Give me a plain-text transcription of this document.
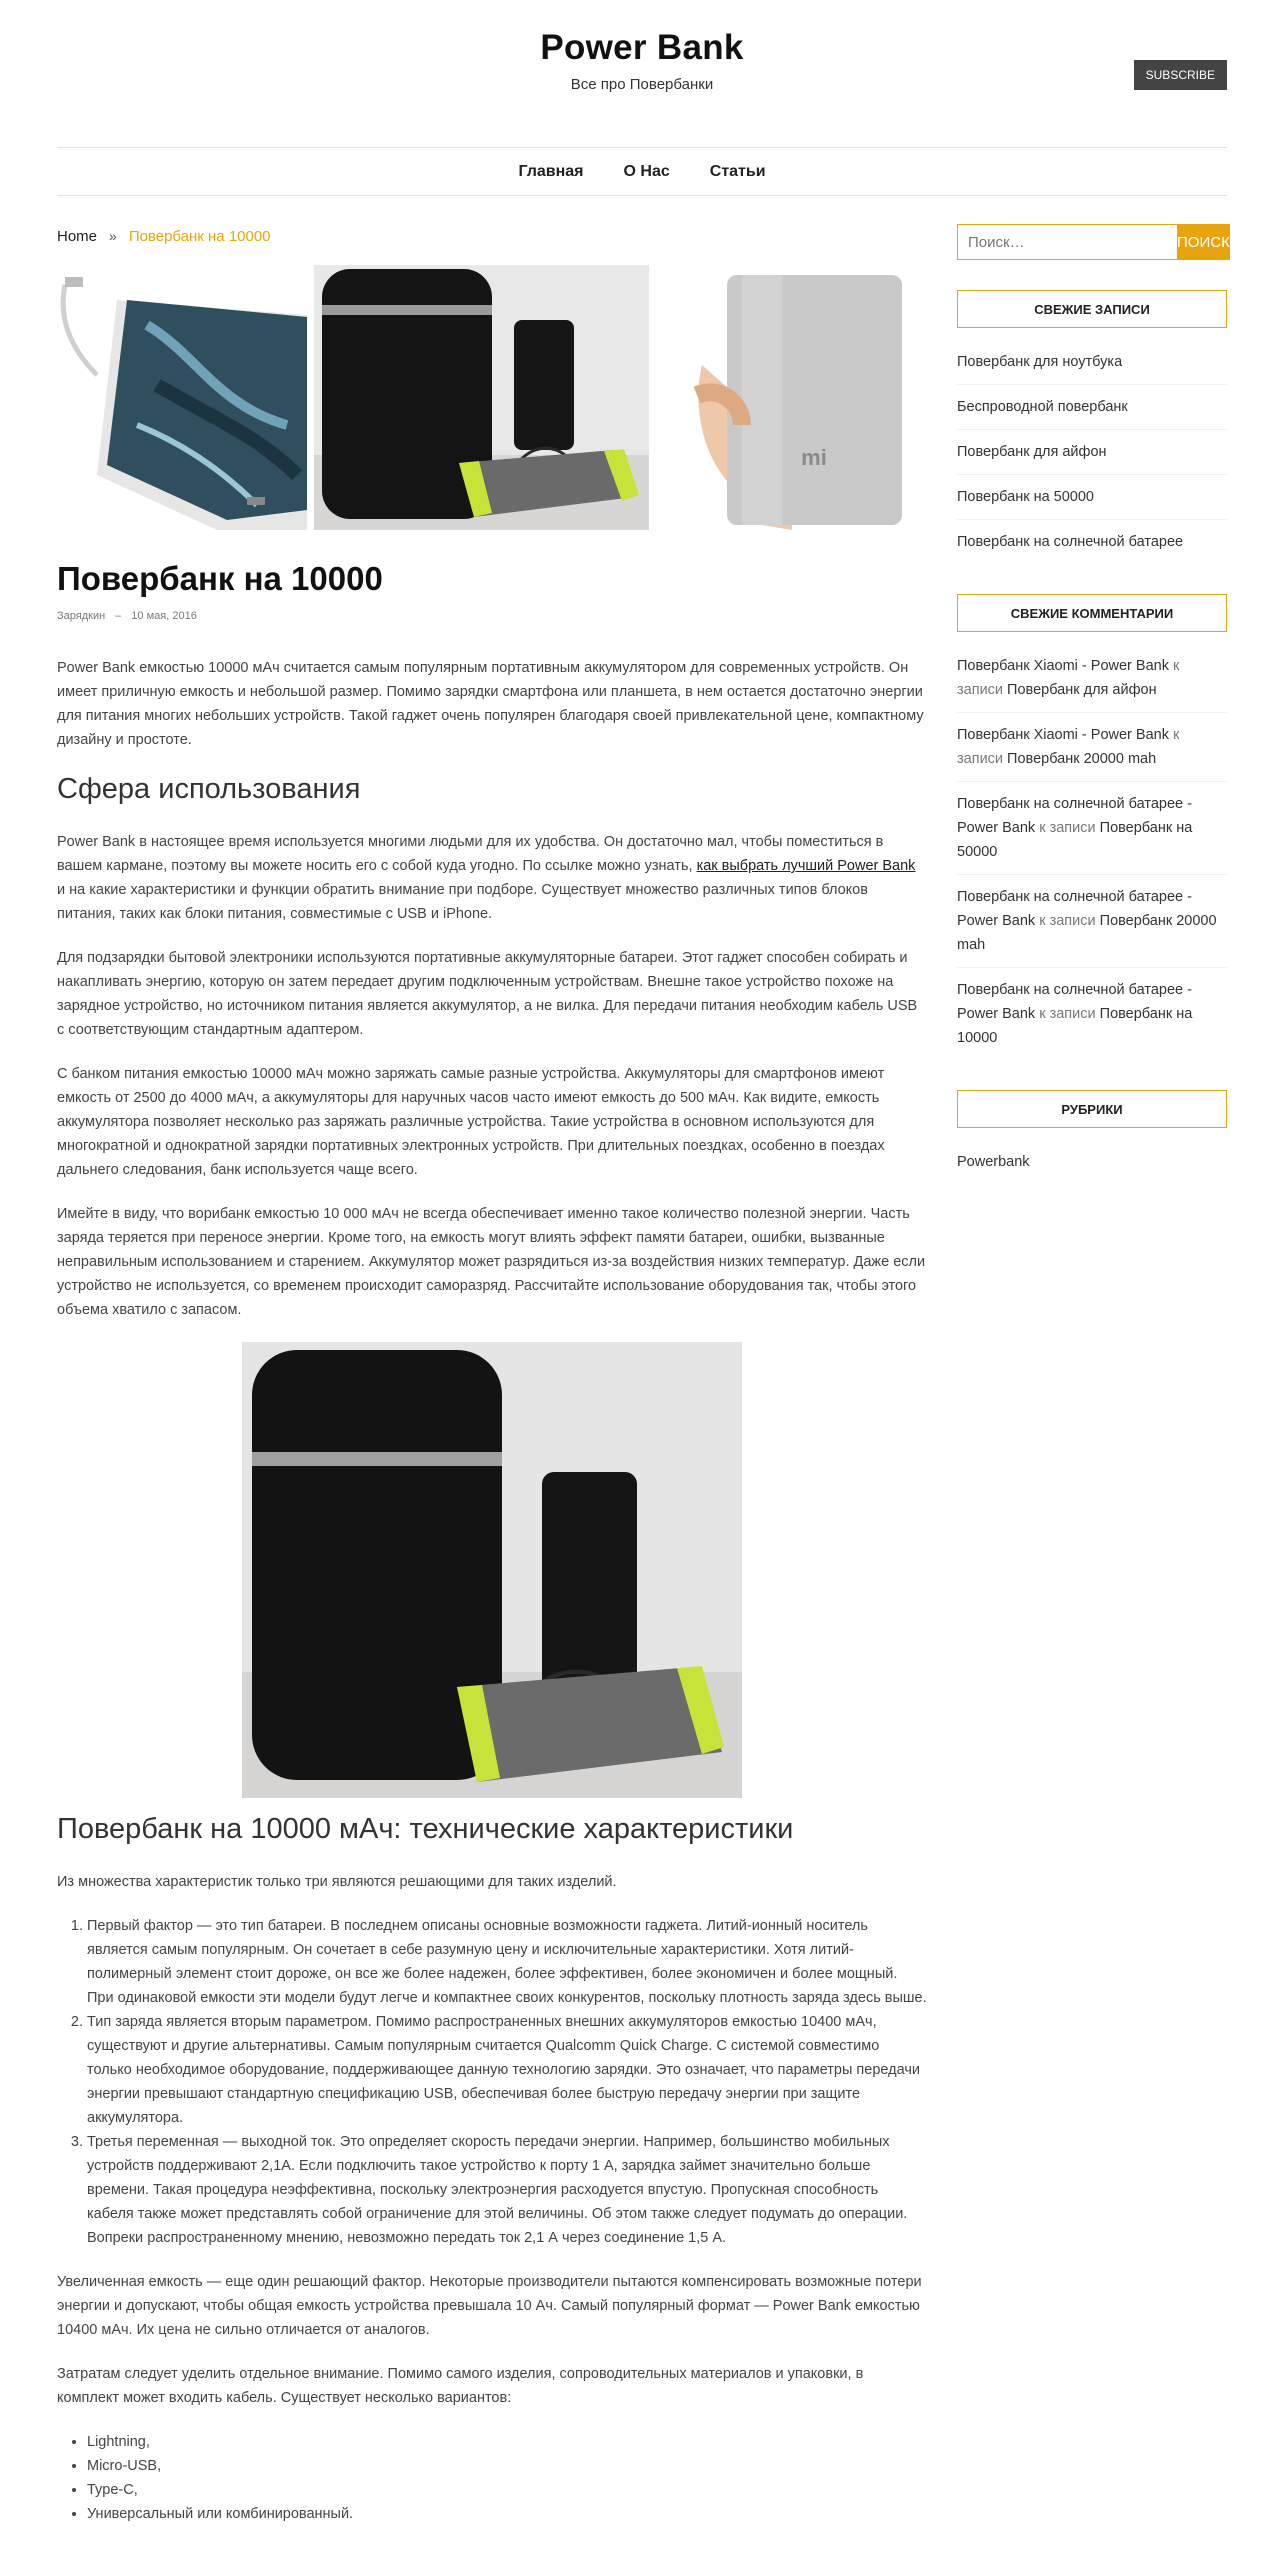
Power Bank
Все про Повербанки
SUBSCRIBE
Главная	О Нас	Статьи
Home » Повербанк на 10000
mi
Повербанк на 10000
Зарядкин – 10 мая, 2016

Power Bank емкостью 10000 мАч считается самым популярным портативным аккумулятором для современных устройств. Он имеет приличную емкость и небольшой размер. Помимо зарядки смартфона или планшета, в нем остается достаточно энергии для питания многих небольших устройств. Такой гаджет очень популярен благодаря своей привлекательной цене, компактному дизайну и простоте.

Сфера использования

Power Bank в настоящее время используется многими людьми для их удобства. Он достаточно мал, чтобы поместиться в вашем кармане, поэтому вы можете носить его с собой куда угодно. По ссылке можно узнать, как выбрать лучший Power Bank и на какие характеристики и функции обратить внимание при подборе. Существует множество различных типов блоков питания, таких как блоки питания, совместимые с USB и iPhone.

Для подзарядки бытовой электроники используются портативные аккумуляторные батареи. Этот гаджет способен собирать и накапливать энергию, которую он затем передает другим подключенным устройствам. Внешне такое устройство похоже на зарядное устройство, но источником питания является аккумулятор, а не вилка. Для передачи питания необходим кабель USB с соответствующим стандартным адаптером.

С банком питания емкостью 10000 мАч можно заряжать самые разные устройства. Аккумуляторы для смартфонов имеют емкость от 2500 до 4000 мАч, а аккумуляторы для наручных часов часто имеют емкость до 500 мАч. Как видите, емкость аккумулятора позволяет несколько раз заряжать различные устройства. Такие устройства в основном используются для многократной и однократной зарядки портативных электронных устройств. При длительных поездках, особенно в поездах дальнего следования, банк используется чаще всего.

Имейте в виду, что ворибанк емкостью 10 000 мАч не всегда обеспечивает именно такое количество полезной энергии. Часть заряда теряется при переносе энергии. Кроме того, на емкость могут влиять эффект памяти батареи, ошибки, вызванные неправильным использованием и старением. Аккумулятор может разрядиться из-за воздействия низких температур. Даже если устройство не используется, со временем происходит саморазряд. Рассчитайте использование оборудования так, чтобы этого объема хватило с запасом.

Повербанк на 10000 мАч: технические характеристики

Из множества характеристик только три являются решающими для таких изделий.

1. Первый фактор — это тип батареи. В последнем описаны основные возможности гаджета. Литий-ионный носитель является самым популярным. Он сочетает в себе разумную цену и исключительные характеристики. Хотя литий-полимерный элемент стоит дороже, он все же более надежен, более эффективен, более экономичен и более мощный. При одинаковой емкости эти модели будут легче и компактнее своих конкурентов, поскольку плотность заряда здесь выше.
2. Тип заряда является вторым параметром. Помимо распространенных внешних аккумуляторов емкостью 10400 мАч, существуют и другие альтернативы. Самым популярным считается Qualcomm Quick Charge. С системой совместимо только необходимое оборудование, поддерживающее данную технологию зарядки. Это означает, что параметры передачи энергии превышают стандартную спецификацию USB, обеспечивая более быструю передачу энергии при защите аккумулятора.
3. Третья переменная — выходной ток. Это определяет скорость передачи энергии. Например, большинство мобильных устройств поддерживают 2,1А. Если подключить такое устройство к порту 1 А, зарядка займет значительно больше времени. Такая процедура неэффективна, поскольку электроэнергия расходуется впустую. Пропускная способность кабеля также может представлять собой ограничение для этой величины. Об этом также следует подумать до операции. Вопреки распространенному мнению, невозможно передать ток 2,1 А через соединение 1,5 А.

Увеличенная емкость — еще один решающий фактор. Некоторые производители пытаются компенсировать возможные потери энергии и допускают, чтобы общая емкость устройства превышала 10 Ач. Самый популярный формат — Power Bank емкостью 10400 мАч. Их цена не сильно отличается от аналогов.

Затратам следует уделить отдельное внимание. Помимо самого изделия, сопроводительных материалов и упаковки, в комплект может входить кабель. Существует несколько вариантов:

• Lightning,
• Micro-USB,
• Type-C,
• Универсальный или комбинированный.
Поиск…
ПОИСК
СВЕЖИЕ ЗАПИСИ
Повербанк для ноутбука
Беспроводной повербанк
Повербанк для айфон
Повербанк на 50000
Повербанк на солнечной батарее
СВЕЖИЕ КОММЕНТАРИИ
Повербанк Xiaomi - Power Bank к записи Повербанк для айфон
Повербанк Xiaomi - Power Bank к записи Повербанк 20000 mah
Повербанк на солнечной батарее - Power Bank к записи Повербанк на 50000
Повербанк на солнечной батарее - Power Bank к записи Повербанк 20000 mah
Повербанк на солнечной батарее - Power Bank к записи Повербанк на 10000
РУБРИКИ
Powerbank
